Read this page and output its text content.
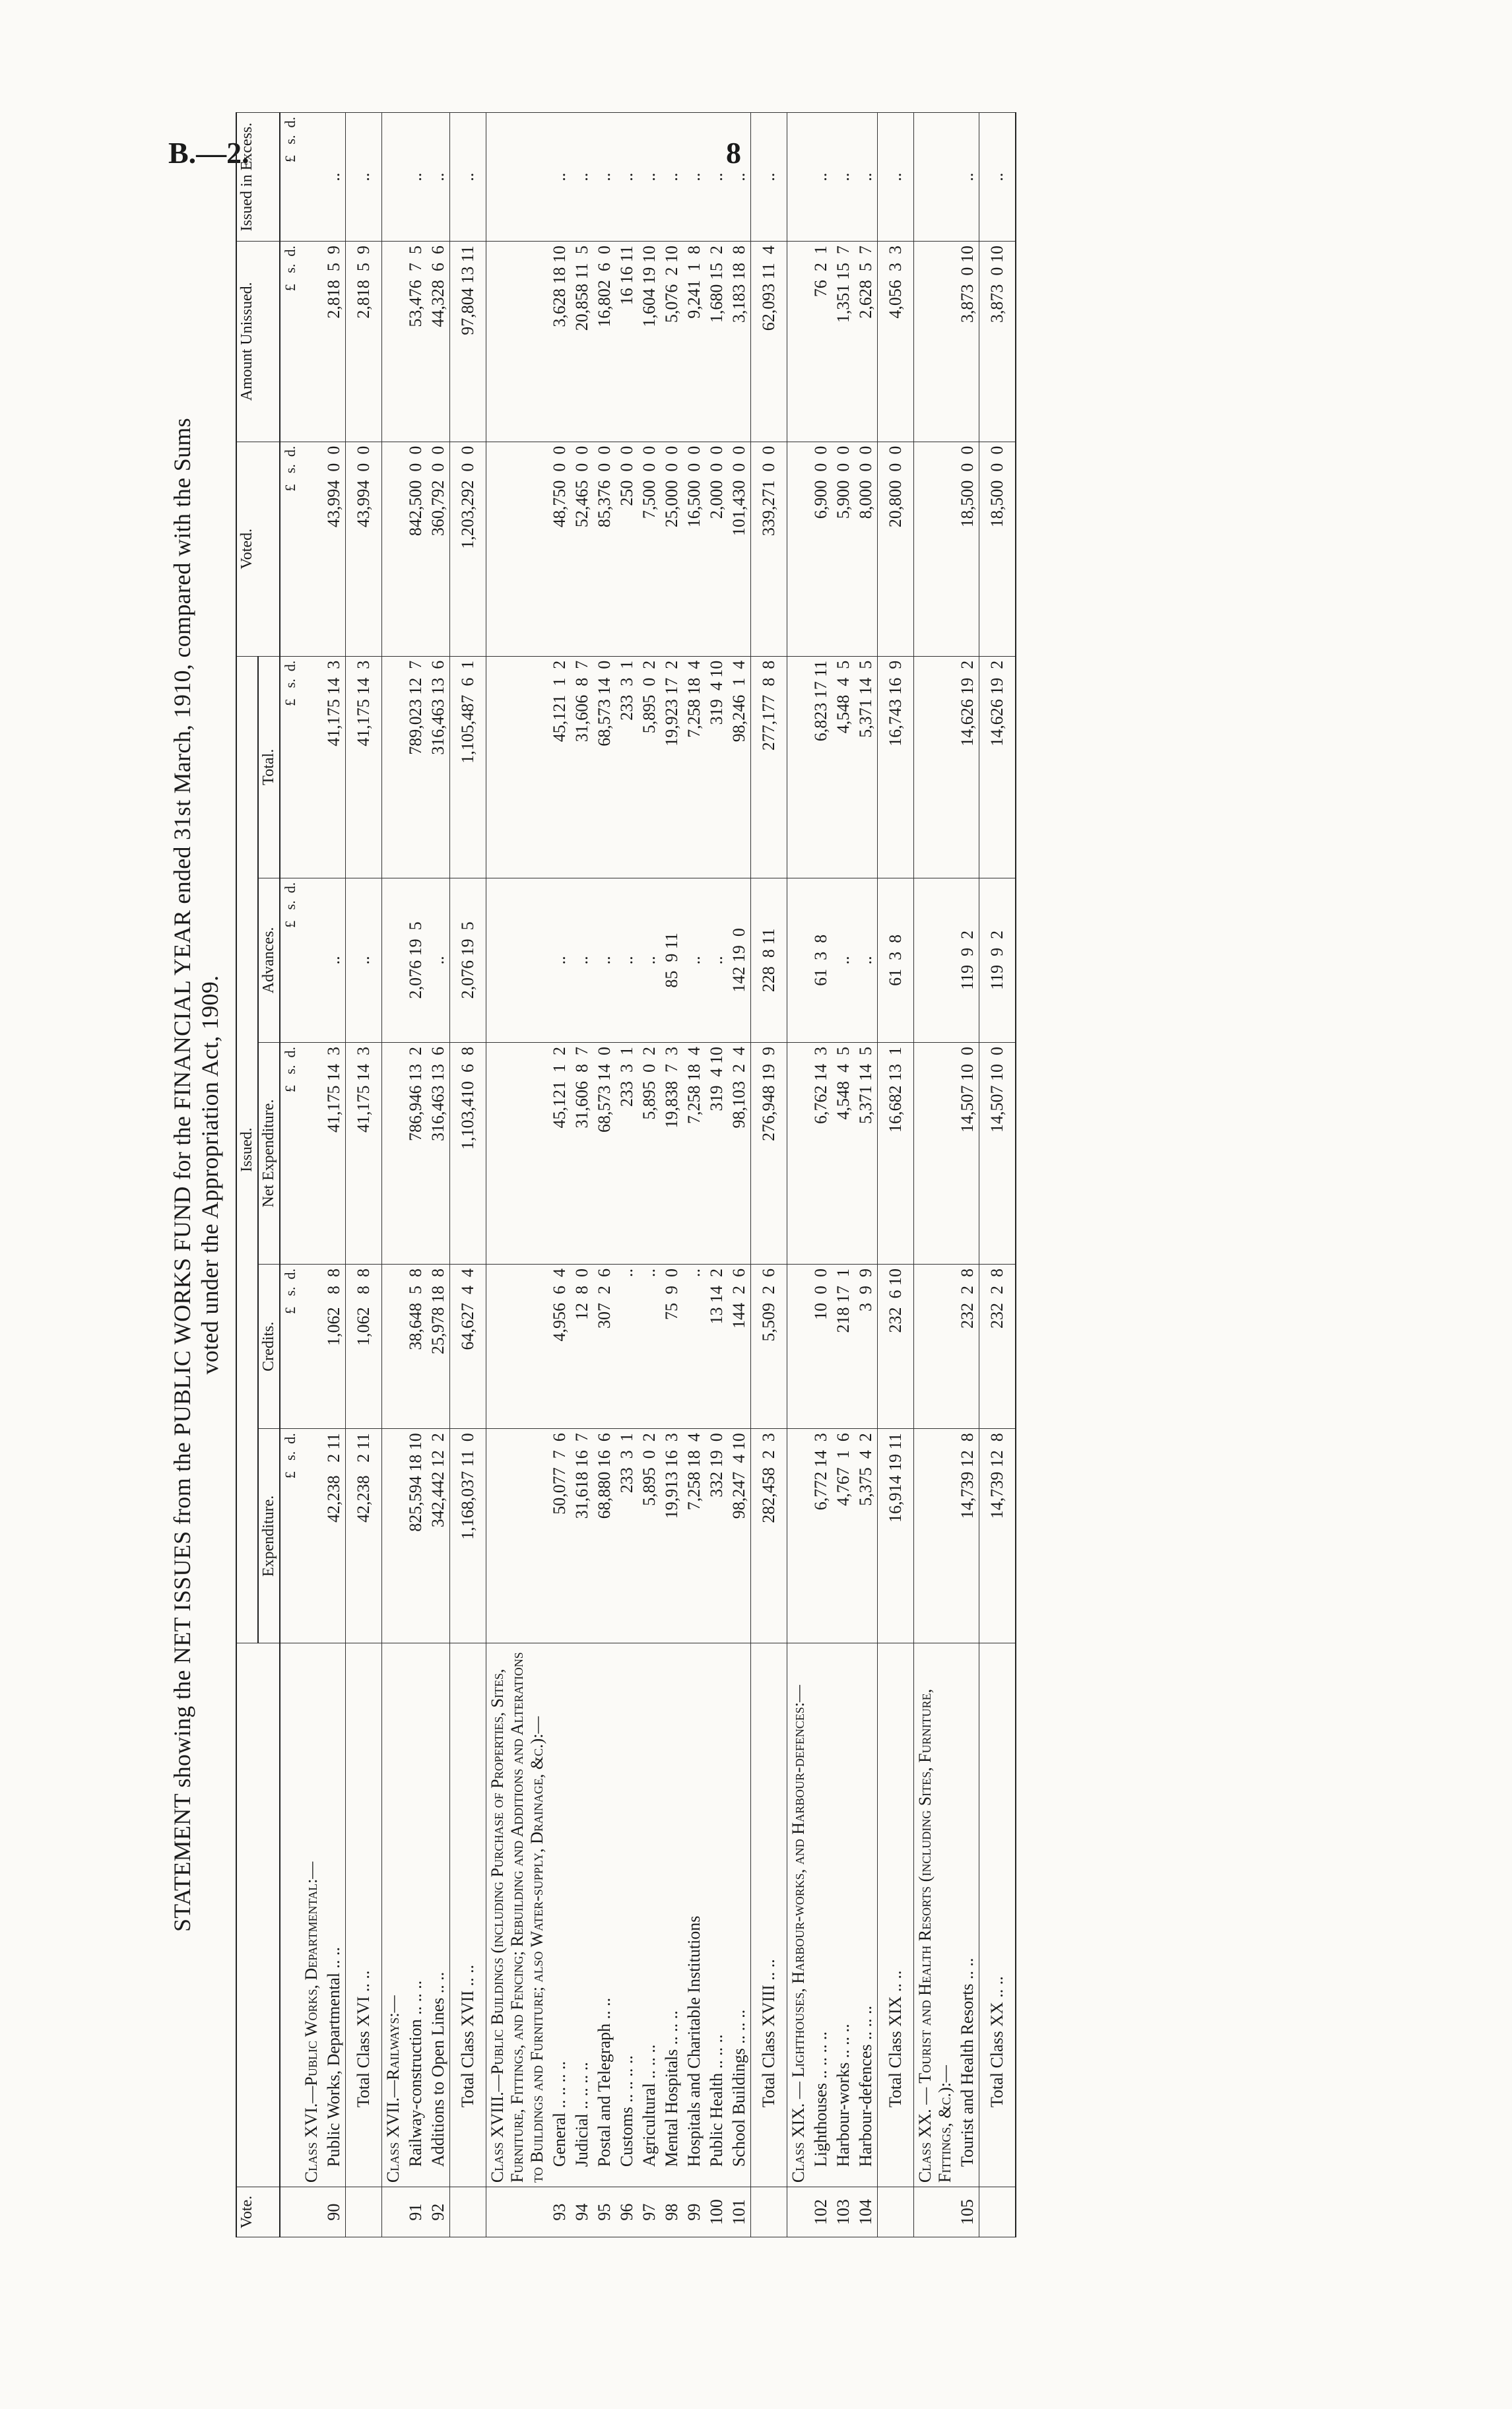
B.—2.	8
STATEMENT showing the NET ISSUES from the PUBLIC WORKS FUND for the FINANCIAL YEAR ended 31st March, 1910, compared with the Sums voted under the Appropriation Act, 1909.
Vote.		Issued.					Voted.	Amount Unissued.	Issued in Excess.
		Expenditure.	Credits.	Net Expenditure.	Advances.	Total.			
		£   s.  d.	£   s.  d.	£   s.  d.	£   s.  d.	£   s.  d.	£   s.  d.	£   s.  d.	£   s.  d.
	Class XVI.—Public Works, Departmental:—								
90	Public Works, Departmental .. ..	42,238   2 11	1,062   8  8	41,175 14  3	..	41,175 14  3	43,994  0  0	2,818  5  9	..
	Total Class XVI .. ..	42,238   2 11	1,062   8  8	41,175 14  3	..	41,175 14  3	43,994  0  0	2,818  5  9	..
	Class XVII.—Railways:—								
91	Railway-construction .. .. ..	825,594 18 10	38,648  5  8	786,946 13  2	2,076 19  5	789,023 12  7	842,500  0  0	53,476  7  5	..
92	Additions to Open Lines .. ..	342,442 12  2	25,978 18  8	316,463 13  6	..	316,463 13  6	360,792  0  0	44,328  6  6	..
	Total Class XVII .. ..	1,168,037 11  0	64,627  4  4	1,103,410  6  8	2,076 19  5	1,105,487  6  1	1,203,292  0  0	97,804 13 11	..
	Class XVIII.—Public Buildings (including Purchase of Properties, Sites, Furniture, Fittings, and Fencing; Rebuilding and Additions and Alterations to Buildings and Furniture; also Water-supply, Drainage, &c.):—								
93	General .. .. .. ..	50,077  7  6	4,956  6  4	45,121  1  2	..	45,121  1  2	48,750  0  0	3,628 18 10	..
94	Judicial .. .. .. ..	31,618 16  7	12  8  0	31,606  8  7	..	31,606  8  7	52,465  0  0	20,858 11  5	..
95	Postal and Telegraph .. ..	68,880 16  6	307  2  6	68,573 14  0	..	68,573 14  0	85,376  0  0	16,802  6  0	..
96	Customs .. .. .. ..	233  3  1	..	233  3  1	..	233  3  1	250  0  0	16 16 11	..
97	Agricultural .. .. ..	5,895  0  2	..	5,895  0  2	..	5,895  0  2	7,500  0  0	1,604 19 10	..
98	Mental Hospitals .. .. ..	19,913 16  3	75  9  0	19,838  7  3	85  9 11	19,923 17  2	25,000  0  0	5,076  2 10	..
99	Hospitals and Charitable Institutions	7,258 18  4	..	7,258 18  4	..	7,258 18  4	16,500  0  0	9,241  1  8	..
100	Public Health .. .. ..	332 19  0	13 14  2	319  4 10	..	319  4 10	2,000  0  0	1,680 15  2	..
101	School Buildings .. .. ..	98,247  4 10	144  2  6	98,103  2  4	142 19  0	98,246  1  4	101,430  0  0	3,183 18  8	..
	Total Class XVIII .. ..	282,458  2  3	5,509  2  6	276,948 19  9	228  8 11	277,177  8  8	339,271  0  0	62,093 11  4	..
	Class XIX. — Lighthouses, Harbour-works, and Harbour-defences:—								
102	Lighthouses .. .. .. ..	6,772 14  3	10  0  0	6,762 14  3	61  3  8	6,823 17 11	6,900  0  0	76  2  1	..
103	Harbour-works .. .. ..	4,767  1  6	218 17  1	4,548  4  5	..	4,548  4  5	5,900  0  0	1,351 15  7	..
104	Harbour-defences .. .. ..	5,375  4  2	3  9  9	5,371 14  5	..	5,371 14  5	8,000  0  0	2,628  5  7	..
	Total Class XIX .. ..	16,914 19 11	232  6 10	16,682 13  1	61  3  8	16,743 16  9	20,800  0  0	4,056  3  3	..
	Class XX. — Tourist and Health Resorts (including Sites, Furniture, Fittings, &c.):—								
105	Tourist and Health Resorts .. ..	14,739 12  8	232  2  8	14,507 10  0	119  9  2	14,626 19  2	18,500  0  0	3,873  0 10	..
	Total Class XX .. ..	14,739 12  8	232  2  8	14,507 10  0	119  9  2	14,626 19  2	18,500  0  0	3,873  0 10	..
